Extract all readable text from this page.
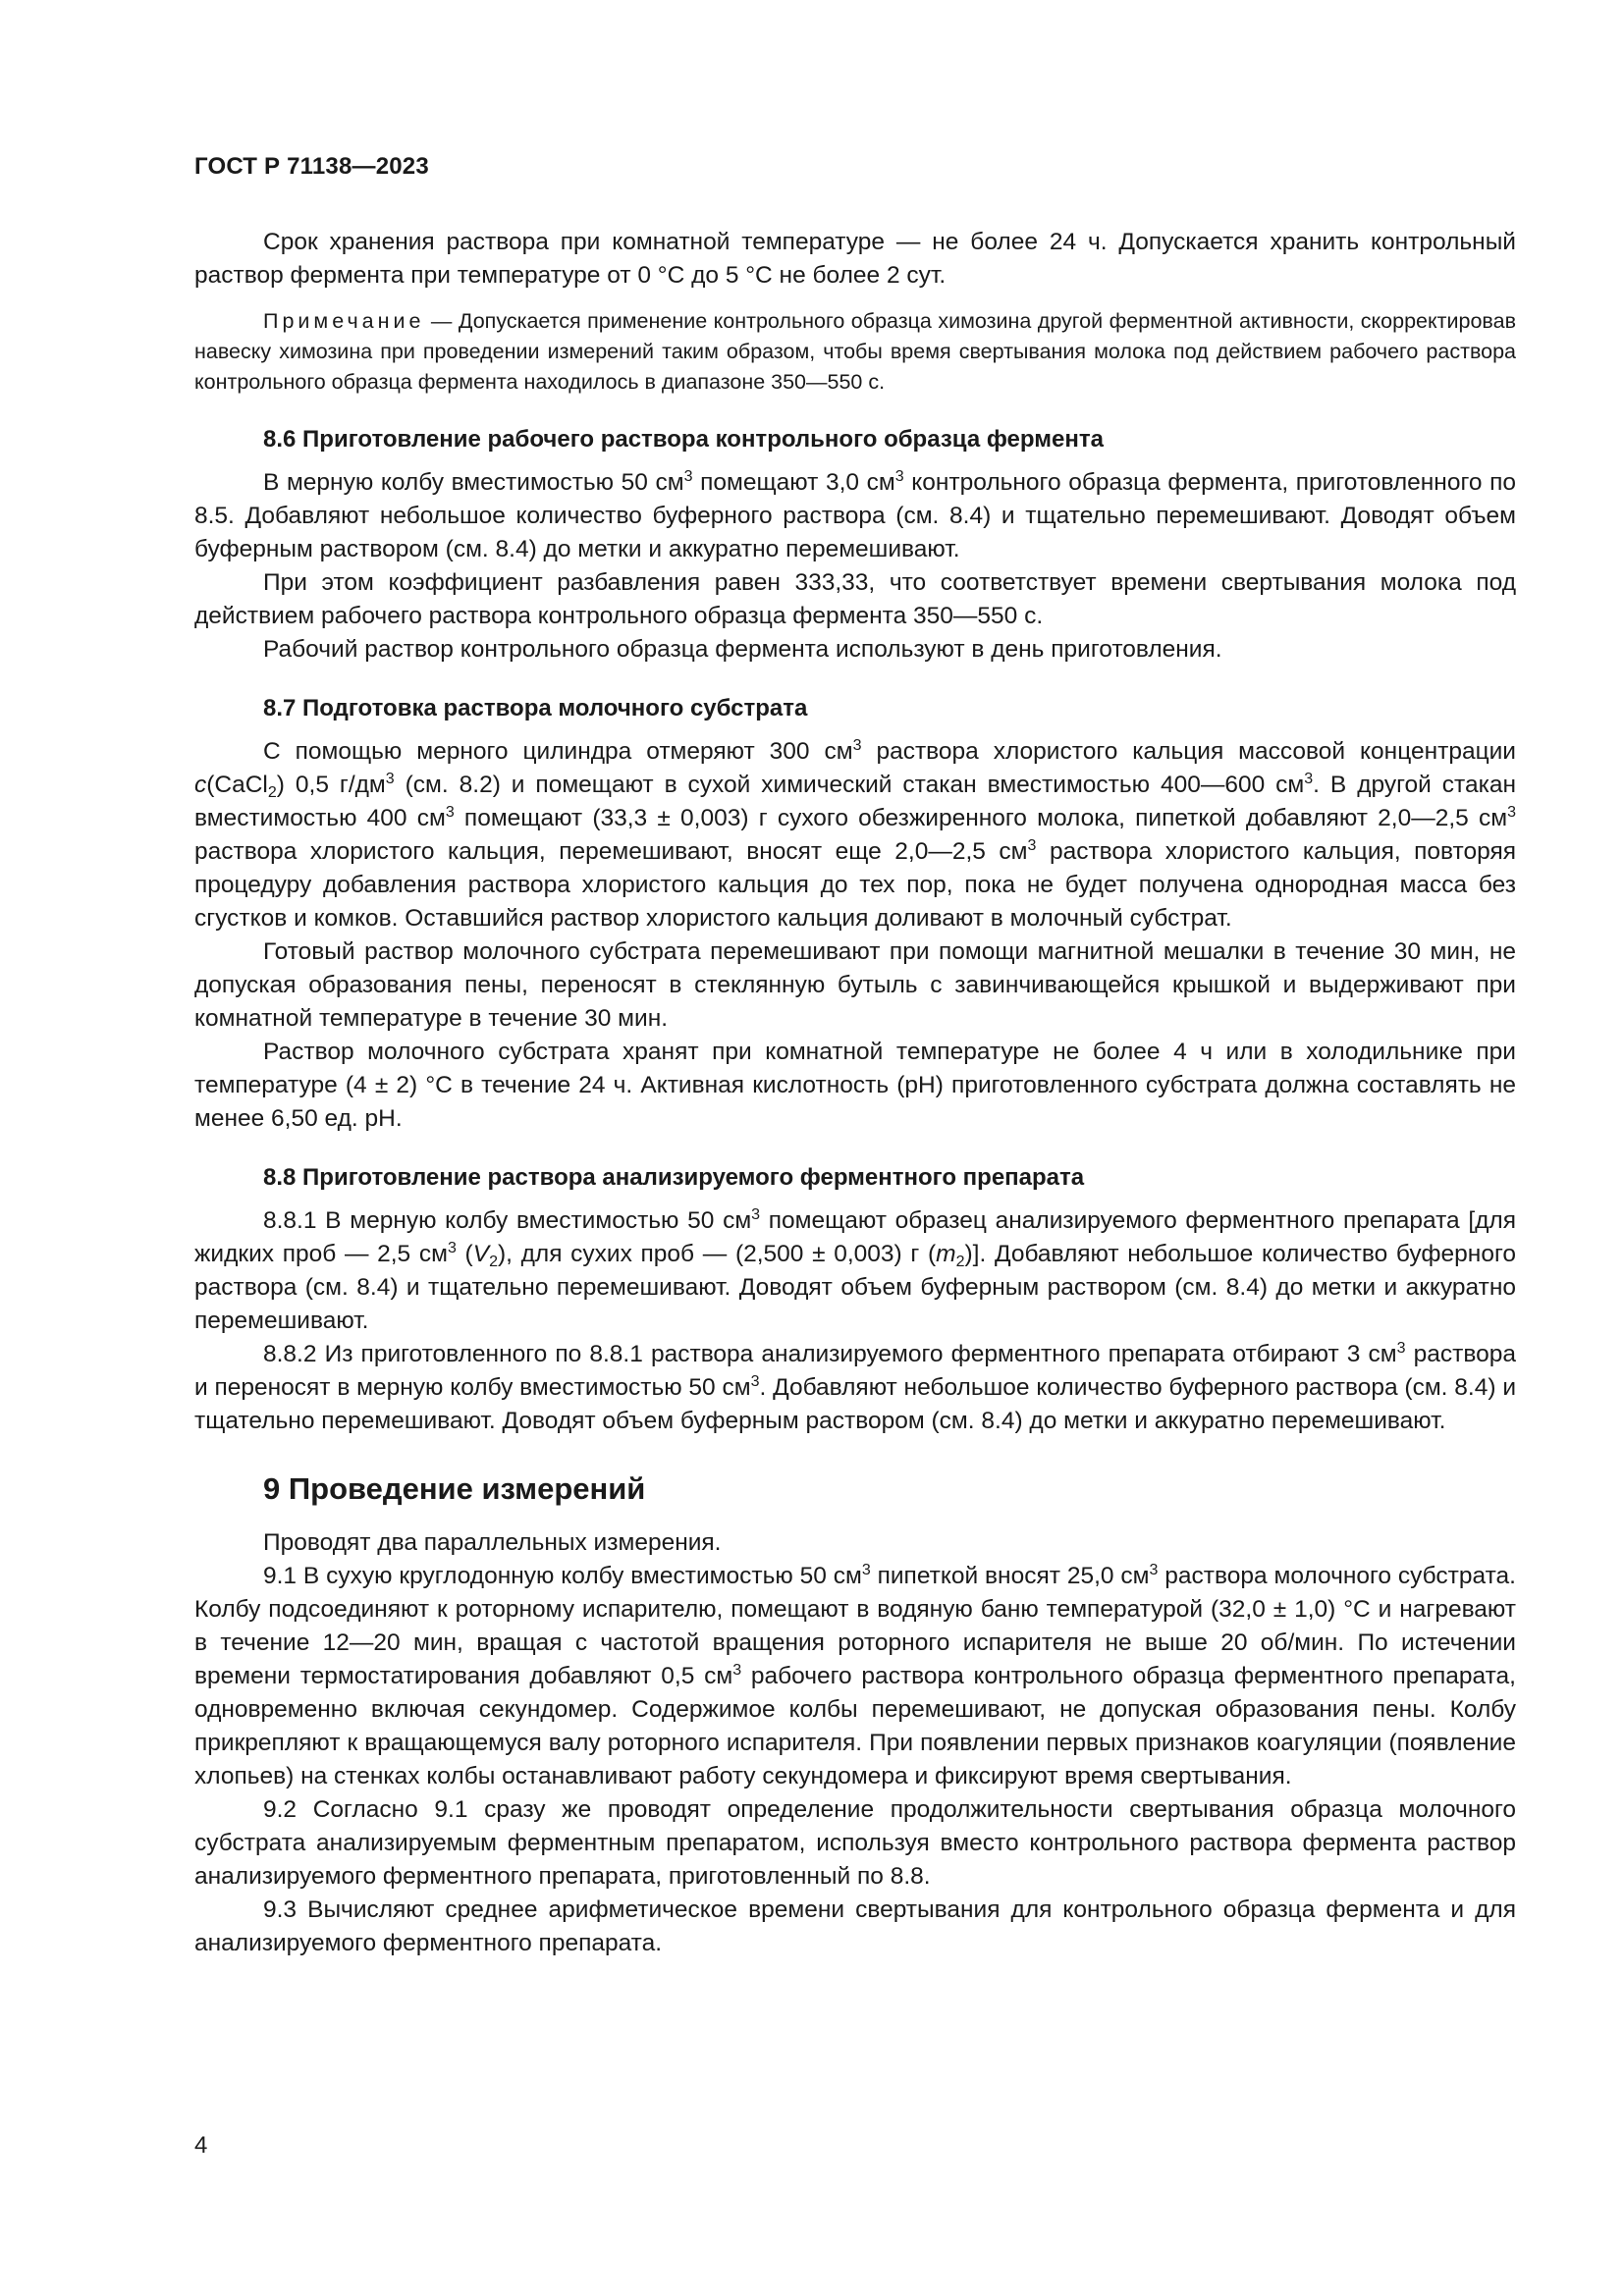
ГОСТ Р 71138—2023

Срок хранения раствора при комнатной температуре — не более 24 ч. Допускается хранить контрольный раствор фермента при температуре от 0 °С до 5 °С не более 2 сут.

Примечание — Допускается применение контрольного образца химозина другой ферментной активности, скорректировав навеску химозина при проведении измерений таким образом, чтобы время свертывания молока под действием рабочего раствора контрольного образца фермента находилось в диапазоне 350—550 с.

8.6 Приготовление рабочего раствора контрольного образца фермента

В мерную колбу вместимостью 50 $см^3$ помещают 3,0 $см^3$ контрольного образца фермента, приготовленного по 8.5. Добавляют небольшое количество буферного раствора (см. 8.4) и тщательно перемешивают. Доводят объем буферным раствором (см. 8.4) до метки и аккуратно перемешивают.

При этом коэффициент разбавления равен 333,33, что соответствует времени свертывания молока под действием рабочего раствора контрольного образца фермента 350—550 с.

Рабочий раствор контрольного образца фермента используют в день приготовления.

8.7 Подготовка раствора молочного субстрата

С помощью мерного цилиндра отмеряют 300 $см^3$ раствора хлористого кальция массовой концентрации c(CaCl$_2$) 0,5 $г/дм^3$ (см. 8.2) и помещают в сухой химический стакан вместимостью 400—600 $см^3$. В другой стакан вместимостью 400 $см^3$ помещают (33,3 ± 0,003) г сухого обезжиренного молока, пипеткой добавляют 2,0—2,5 $см^3$ раствора хлористого кальция, перемешивают, вносят еще 2,0—2,5 $см^3$ раствора хлористого кальция, повторяя процедуру добавления раствора хлористого кальция до тех пор, пока не будет получена однородная масса без сгустков и комков. Оставшийся раствор хлористого кальция доливают в молочный субстрат.

Готовый раствор молочного субстрата перемешивают при помощи магнитной мешалки в течение 30 мин, не допуская образования пены, переносят в стеклянную бутыль с завинчивающейся крышкой и выдерживают при комнатной температуре в течение 30 мин.

Раствор молочного субстрата хранят при комнатной температуре не более 4 ч или в холодильнике при температуре (4 ± 2) °С в течение 24 ч. Активная кислотность (pH) приготовленного субстрата должна составлять не менее 6,50 ед. pH.

8.8 Приготовление раствора анализируемого ферментного препарата

8.8.1 В мерную колбу вместимостью 50 $см^3$ помещают образец анализируемого ферментного препарата [для жидких проб — 2,5 $см^3$ $(V_2)$, для сухих проб — (2,500 ± 0,003) г $(m_2)$]. Добавляют небольшое количество буферного раствора (см. 8.4) и тщательно перемешивают. Доводят объем буферным раствором (см. 8.4) до метки и аккуратно перемешивают.

8.8.2 Из приготовленного по 8.8.1 раствора анализируемого ферментного препарата отбирают 3 $см^3$ раствора и переносят в мерную колбу вместимостью 50 $см^3$. Добавляют небольшое количество буферного раствора (см. 8.4) и тщательно перемешивают. Доводят объем буферным раствором (см. 8.4) до метки и аккуратно перемешивают.

9 Проведение измерений

Проводят два параллельных измерения.

9.1 В сухую круглодонную колбу вместимостью 50 $см^3$ пипеткой вносят 25,0 $см^3$ раствора молочного субстрата. Колбу подсоединяют к роторному испарителю, помещают в водяную баню температурой (32,0 ± 1,0) °С и нагревают в течение 12—20 мин, вращая с частотой вращения роторного испарителя не выше 20 об/мин. По истечении времени термостатирования добавляют 0,5 $см^3$ рабочего раствора контрольного образца ферментного препарата, одновременно включая секундомер. Содержимое колбы перемешивают, не допуская образования пены. Колбу прикрепляют к вращающемуся валу роторного испарителя. При появлении первых признаков коагуляции (появление хлопьев) на стенках колбы останавливают работу секундомера и фиксируют время свертывания.

9.2 Согласно 9.1 сразу же проводят определение продолжительности свертывания образца молочного субстрата анализируемым ферментным препаратом, используя вместо контрольного раствора фермента раствор анализируемого ферментного препарата, приготовленный по 8.8.

9.3 Вычисляют среднее арифметическое времени свертывания для контрольного образца фермента и для анализируемого ферментного препарата.

4
